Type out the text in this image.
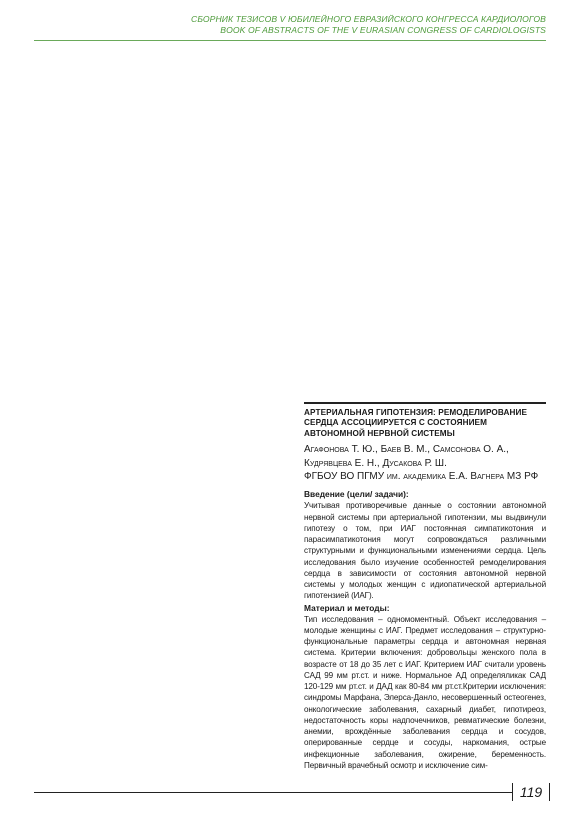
СБОРНИК ТЕЗИСОВ V ЮБИЛЕЙНОГО ЕВРАЗИЙСКОГО КОНГРЕССА КАРДИОЛОГОВ
BOOK OF ABSTRACTS OF THE V EURASIAN CONGRESS OF CARDIOLOGISTS

АРТЕРИАЛЬНАЯ ГИПОТЕНЗИЯ: РЕМОДЕЛИРОВАНИЕ СЕРДЦА АССОЦИИРУЕТСЯ С СОСТОЯНИЕМ АВТОНОМНОЙ НЕРВНОЙ СИСТЕМЫ

Агафонова Т. Ю., Баев В. М., Самсонова О. А.,

Кудрявцева Е. Н., Дусакова Р. Ш.

ФГБОУ ВО ПГМУ им. академика Е.А. Вагнера МЗ РФ

Введение (цели/ задачи):

Учитывая противоречивые данные о состоянии автономной нервной системы при артериальной гипотензии, мы выдвинули гипотезу о том, при ИАГ постоянная симпатикотония и парасимпатикотония могут сопровождаться различными структурными и функциональными изменениями сердца. Цель исследования было изучение особенностей ремоделирования сердца в зависимости от состояния автономной нервной системы у молодых женщин с идиопатической артериальной гипотензией (ИАГ).

Материал и методы:

Тип исследования – одномоментный. Объект исследования – молодые женщины с ИАГ. Предмет исследования – структурно-функциональные параметры сердца и автономная нервная система. Критерии включения: добровольцы женского пола в возрасте от 18 до 35 лет с ИАГ. Критерием ИАГ считали уровень САД 99 мм рт.ст. и ниже. Нормальное АД определяликак САД 120-129 мм рт.ст. и ДАД как 80-84 мм рт.ст.Критерии исключения: синдромы Марфана, Элерса-Данло, несовершенный остеогенез, онкологические заболевания, сахарный диабет, гипотиреоз, недостаточность коры надпочечников, ревматические болезни, анемии, врождённые заболевания сердца и сосудов, оперированные сердце и сосуды, наркомания, острые инфекционные заболевания, ожирение, беременность. Первичный врачебный осмотр и исключение сим-

119
